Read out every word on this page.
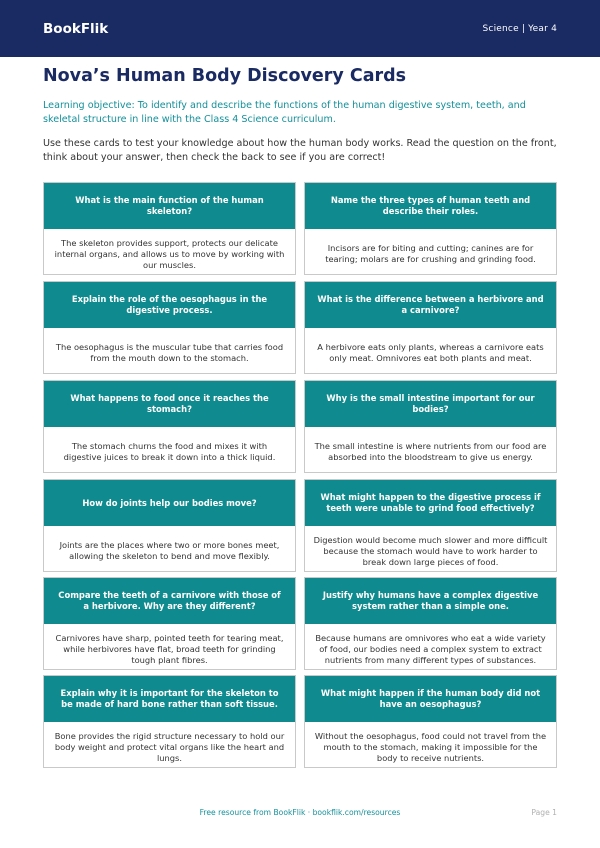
BookFlik	Science | Year 4
Nova’s Human Body Discovery Cards

Learning objective: To identify and describe the functions of the human digestive system, teeth, and skeletal structure in line with the Class 4 Science curriculum.

Use these cards to test your knowledge about how the human body works. Read the question on the front, think about your answer, then check the back to see if you are correct!

What is the main function of the human skeleton?
The skeleton provides support, protects our delicate internal organs, and allows us to move by working with our muscles.
Name the three types of human teeth and describe their roles.
Incisors are for biting and cutting; canines are for tearing; molars are for crushing and grinding food.
Explain the role of the oesophagus in the digestive process.
The oesophagus is the muscular tube that carries food from the mouth down to the stomach.
What is the difference between a herbivore and a carnivore?
A herbivore eats only plants, whereas a carnivore eats only meat. Omnivores eat both plants and meat.
What happens to food once it reaches the stomach?
The stomach churns the food and mixes it with digestive juices to break it down into a thick liquid.
Why is the small intestine important for our bodies?
The small intestine is where nutrients from our food are absorbed into the bloodstream to give us energy.
How do joints help our bodies move?
Joints are the places where two or more bones meet, allowing the skeleton to bend and move flexibly.
What might happen to the digestive process if teeth were unable to grind food effectively?
Digestion would become much slower and more difficult because the stomach would have to work harder to break down large pieces of food.
Compare the teeth of a carnivore with those of a herbivore. Why are they different?
Carnivores have sharp, pointed teeth for tearing meat, while herbivores have flat, broad teeth for grinding tough plant fibres.
Justify why humans have a complex digestive system rather than a simple one.
Because humans are omnivores who eat a wide variety of food, our bodies need a complex system to extract nutrients from many different types of substances.
Explain why it is important for the skeleton to be made of hard bone rather than soft tissue.
Bone provides the rigid structure necessary to hold our body weight and protect vital organs like the heart and lungs.
What might happen if the human body did not have an oesophagus?
Without the oesophagus, food could not travel from the mouth to the stomach, making it impossible for the body to receive nutrients.
Free resource from BookFlik · bookflik.com/resources	Page 1
